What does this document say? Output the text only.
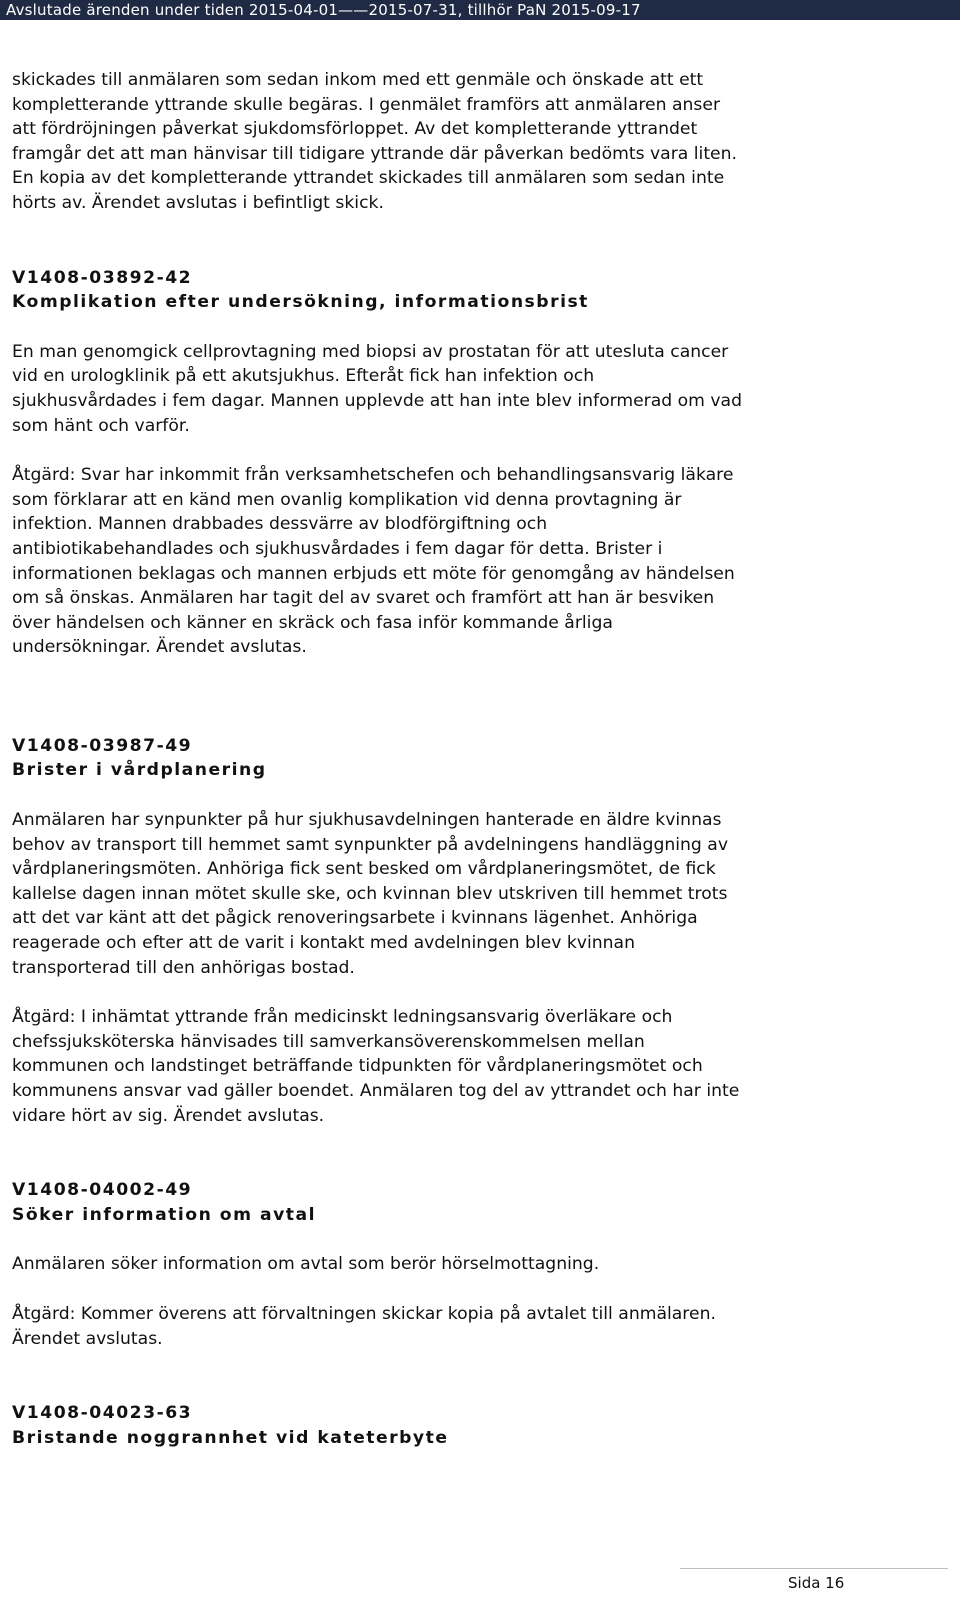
Avslutade ärenden under tiden 2015-04-01——2015-07-31, tillhör PaN 2015-09-17

skickades till anmälaren som sedan inkom med ett genmäle och önskade att ett
kompletterande yttrande skulle begäras. I genmälet framförs att anmälaren anser
att fördröjningen påverkat sjukdomsförloppet. Av det kompletterande yttrandet
framgår det att man hänvisar till tidigare yttrande där påverkan bedömts vara liten.
En kopia av det kompletterande yttrandet skickades till anmälaren som sedan inte
hörts av. Ärendet avslutas i befintligt skick.

V1408-03892-42
Komplikation efter undersökning, informationsbrist

En man genomgick cellprovtagning med biopsi av prostatan för att utesluta cancer
vid en urologklinik på ett akutsjukhus. Efteråt fick han infektion och
sjukhusvårdades i fem dagar. Mannen upplevde att han inte blev informerad om vad
som hänt och varför.

Åtgärd: Svar har inkommit från verksamhetschefen och behandlingsansvarig läkare
som förklarar att en känd men ovanlig komplikation vid denna provtagning är
infektion. Mannen drabbades dessvärre av blodförgiftning och
antibiotikabehandlades och sjukhusvårdades i fem dagar för detta. Brister i
informationen beklagas och mannen erbjuds ett möte för genomgång av händelsen
om så önskas. Anmälaren har tagit del av svaret och framfört att han är besviken
över händelsen och känner en skräck och fasa inför kommande årliga
undersökningar. Ärendet avslutas.

V1408-03987-49
Brister i vårdplanering

Anmälaren har synpunkter på hur sjukhusavdelningen hanterade en äldre kvinnas
behov av transport till hemmet samt synpunkter på avdelningens handläggning av
vårdplaneringsmöten. Anhöriga fick sent besked om vårdplaneringsmötet, de fick
kallelse dagen innan mötet skulle ske, och kvinnan blev utskriven till hemmet trots
att det var känt att det pågick renoveringsarbete i kvinnans lägenhet. Anhöriga
reagerade och efter att de varit i kontakt med avdelningen blev kvinnan
transporterad till den anhörigas bostad.

Åtgärd: I inhämtat yttrande från medicinskt ledningsansvarig överläkare och
chefssjuksköterska hänvisades till samverkansöverenskommelsen mellan
kommunen och landstinget beträffande tidpunkten för vårdplaneringsmötet och
kommunens ansvar vad gäller boendet. Anmälaren tog del av yttrandet och har inte
vidare hört av sig. Ärendet avslutas.

V1408-04002-49
Söker information om avtal

Anmälaren söker information om avtal som berör hörselmottagning.

Åtgärd: Kommer överens att förvaltningen skickar kopia på avtalet till anmälaren.
Ärendet avslutas.

V1408-04023-63
Bristande noggrannhet vid kateterbyte
Sida 16
